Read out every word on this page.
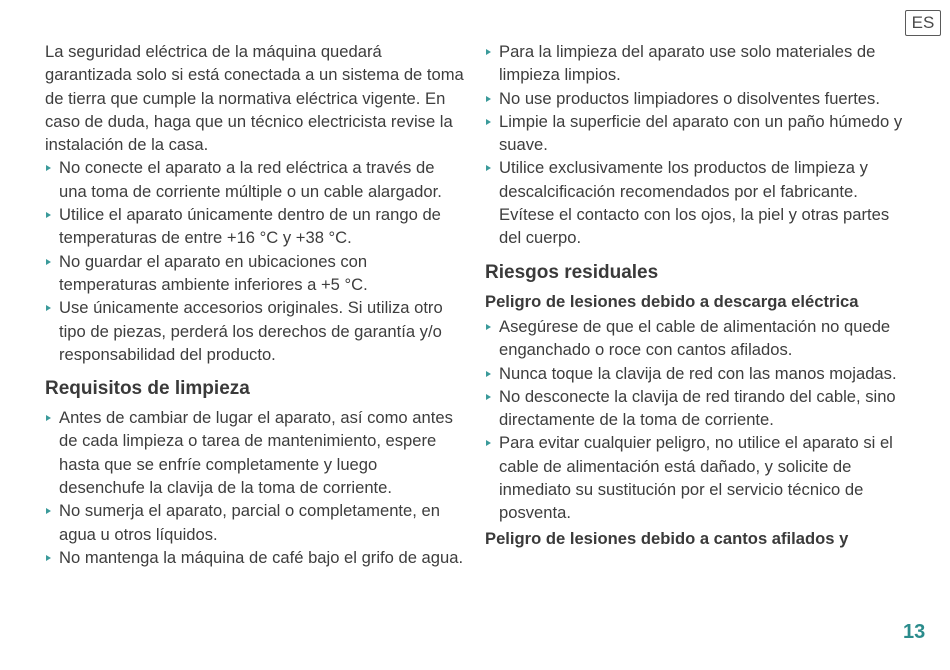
ES

La seguridad eléctrica de la máquina quedará garantizada solo si está conectada a un sistema de toma de tierra que cumple la normativa eléctrica vigente. En caso de duda, haga que un técnico electricista revise la instalación de la casa.

No conecte el aparato a la red eléctrica a través de una toma de corriente múltiple o un cable alargador.

Utilice el aparato únicamente dentro de un rango de temperaturas de entre +16 °C y +38 °C.

No guardar el aparato en ubicaciones con temperaturas ambiente inferiores a +5 °C.

Use únicamente accesorios originales. Si utiliza otro tipo de piezas, perderá los derechos de garantía y/o responsabilidad del producto.

Requisitos de limpieza

Antes de cambiar de lugar el aparato, así como antes de cada limpieza o tarea de mantenimiento, espere hasta que se enfríe completamente y luego desenchufe la clavija de la toma de corriente.

No sumerja el aparato, parcial o completamente, en agua u otros líquidos.

No mantenga la máquina de café bajo el grifo de agua.

Para la limpieza del aparato use solo materiales de limpieza limpios.

No use productos limpiadores o disolventes fuertes.

Limpie la superficie del aparato con un paño húmedo y suave.

Utilice exclusivamente los productos de limpieza y descalcificación recomendados por el fabricante. Evítese el contacto con los ojos, la piel y otras partes del cuerpo.

Riesgos residuales
Peligro de lesiones debido a descarga eléctrica

Asegúrese de que el cable de alimentación no quede enganchado o roce con cantos afilados.

Nunca toque la clavija de red con las manos mojadas.

No desconecte la clavija de red tirando del cable, sino directamente de la toma de corriente.

Para evitar cualquier peligro, no utilice el aparato si el cable de alimentación está dañado, y solicite de inmediato su sustitución por el servicio técnico de posventa.

Peligro de lesiones debido a cantos afilados y
13
